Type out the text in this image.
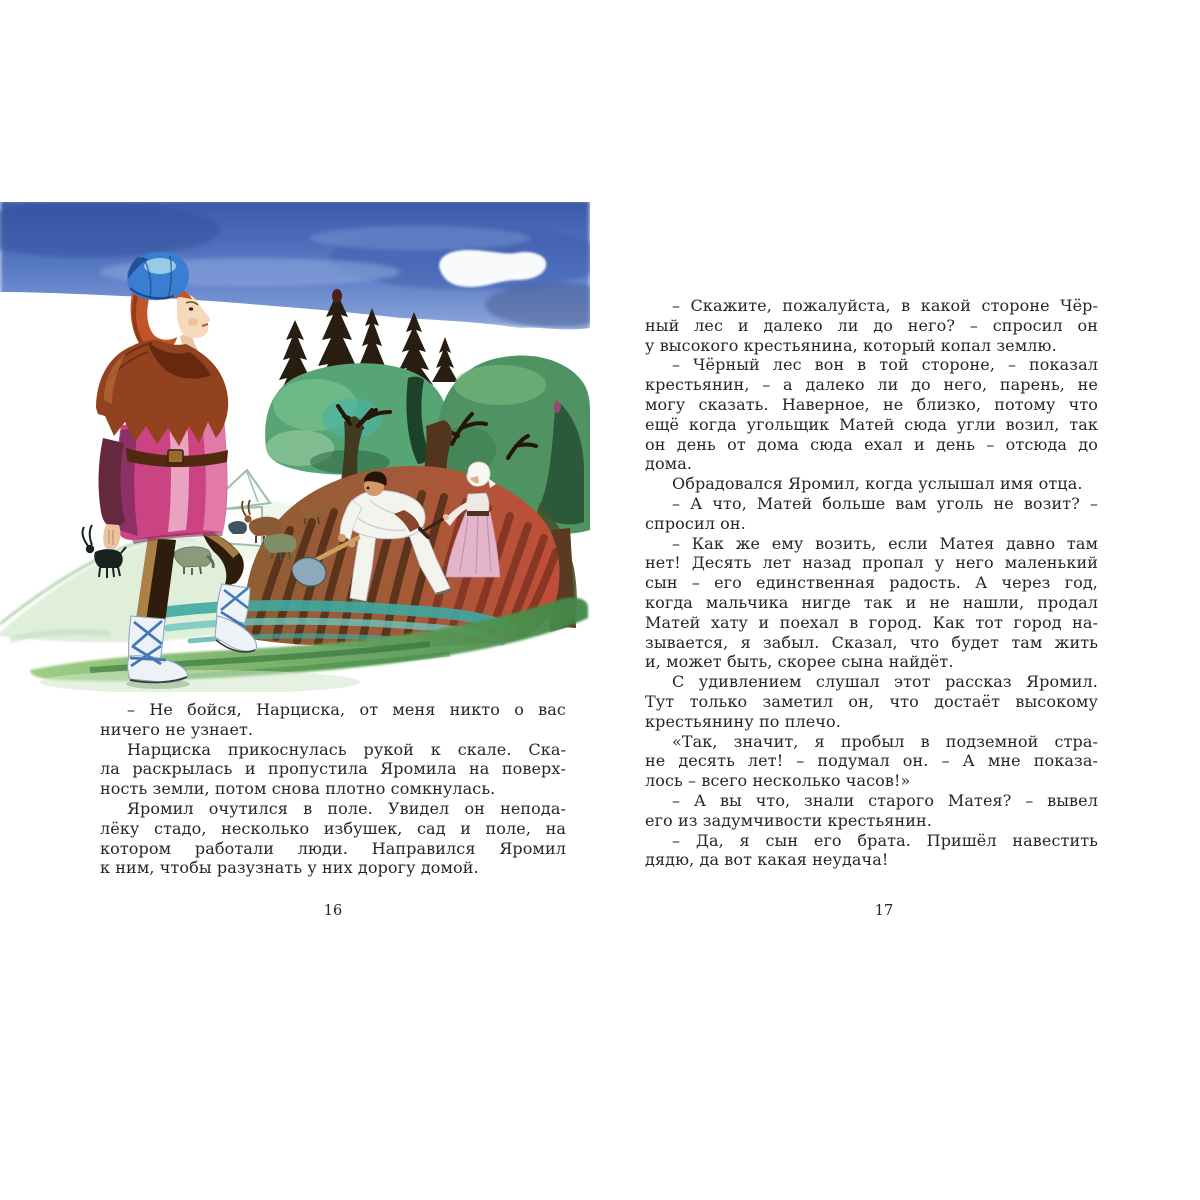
– Не бойся, Нарциска, от меня никто о вас
ничего не узнает.
Нарциска прикоснулась рукой к скале. Ска-
ла раскрылась и пропустила Яромила на поверх-
ность земли, потом снова плотно сомкнулась.
Яромил очутился в поле. Увидел он непода-
лёку стадо, несколько избушек, сад и поле, на
котором работали люди. Направился Яромил
к ним, чтобы разузнать у них дорогу домой.
16
– Скажите, пожалуйста, в какой стороне Чёр-
ный лес и далеко ли до него? – спросил он
у высокого крестьянина, который копал землю.
– Чёрный лес вон в той стороне, – показал
крестьянин, – а далеко ли до него, парень, не
могу сказать. Наверное, не близко, потому что
ещё когда угольщик Матей сюда угли возил, так
он день от дома сюда ехал и день – отсюда до
дома.
Обрадовался Яромил, когда услышал имя отца.
– А что, Матей больше вам уголь не возит? –
спросил он.
– Как же ему возить, если Матея давно там
нет! Десять лет назад пропал у него маленький
сын – его единственная радость. А через год,
когда мальчика нигде так и не нашли, продал
Матей хату и поехал в город. Как тот город на-
зывается, я забыл. Сказал, что будет там жить
и, может быть, скорее сына найдёт.
С удивлением слушал этот рассказ Яромил.
Тут только заметил он, что достаёт высокому
крестьянину по плечо.
«Так, значит, я пробыл в подземной стра-
не десять лет! – подумал он. – А мне показа-
лось – всего несколько часов!»
– А вы что, знали старого Матея? – вывел
его из задумчивости крестьянин.
– Да, я сын его брата. Пришёл навестить
дядю, да вот какая неудача!
17
